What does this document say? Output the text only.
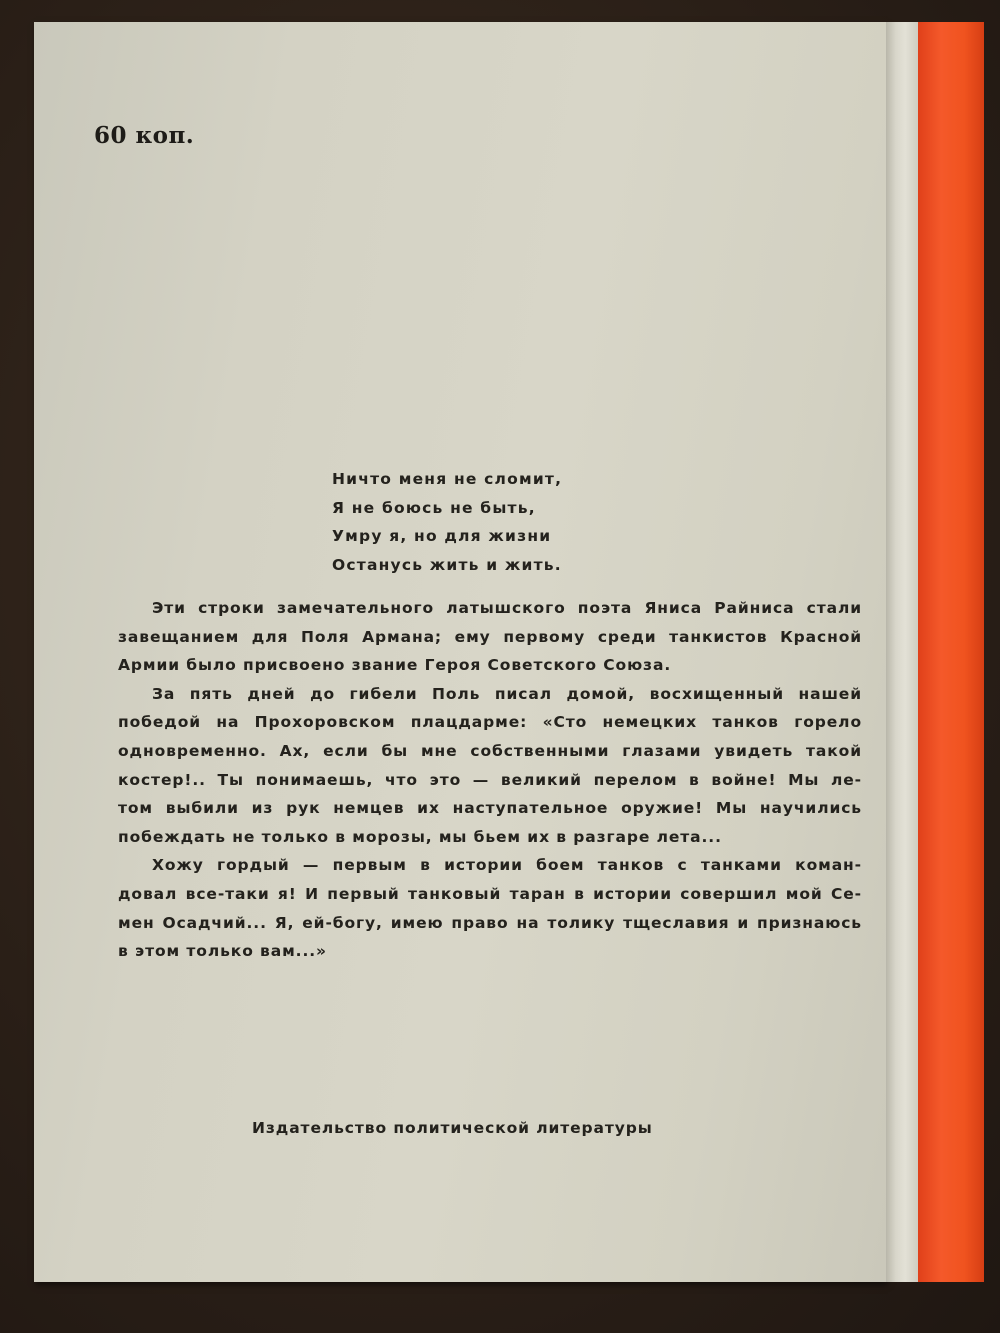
60 коп.
Ничто меня не сломит,
Я не боюсь не быть,
Умру я, но для жизни
Останусь жить и жить.
Эти строки замечательного латышского поэта Яниса Райниса стали
завещанием для Поля Армана; ему первому среди танкистов Красной
Армии было присвоено звание Героя Советского Союза.
За пять дней до гибели Поль писал домой, восхищенный нашей
победой на Прохоровском плацдарме: «Сто немецких танков горело
одновременно. Ах, если бы мне собственными глазами увидеть такой
костер!.. Ты понимаешь, что это — великий перелом в войне! Мы ле-
том выбили из рук немцев их наступательное оружие! Мы научились
побеждать не только в морозы, мы бьем их в разгаре лета...
Хожу гордый — первым в истории боем танков с танками коман-
довал все-таки я! И первый танковый таран в истории совершил мой Се-
мен Осадчий... Я, ей-богу, имею право на толику тщеславия и признаюсь
в этом только вам...»
Издательство политической литературы
